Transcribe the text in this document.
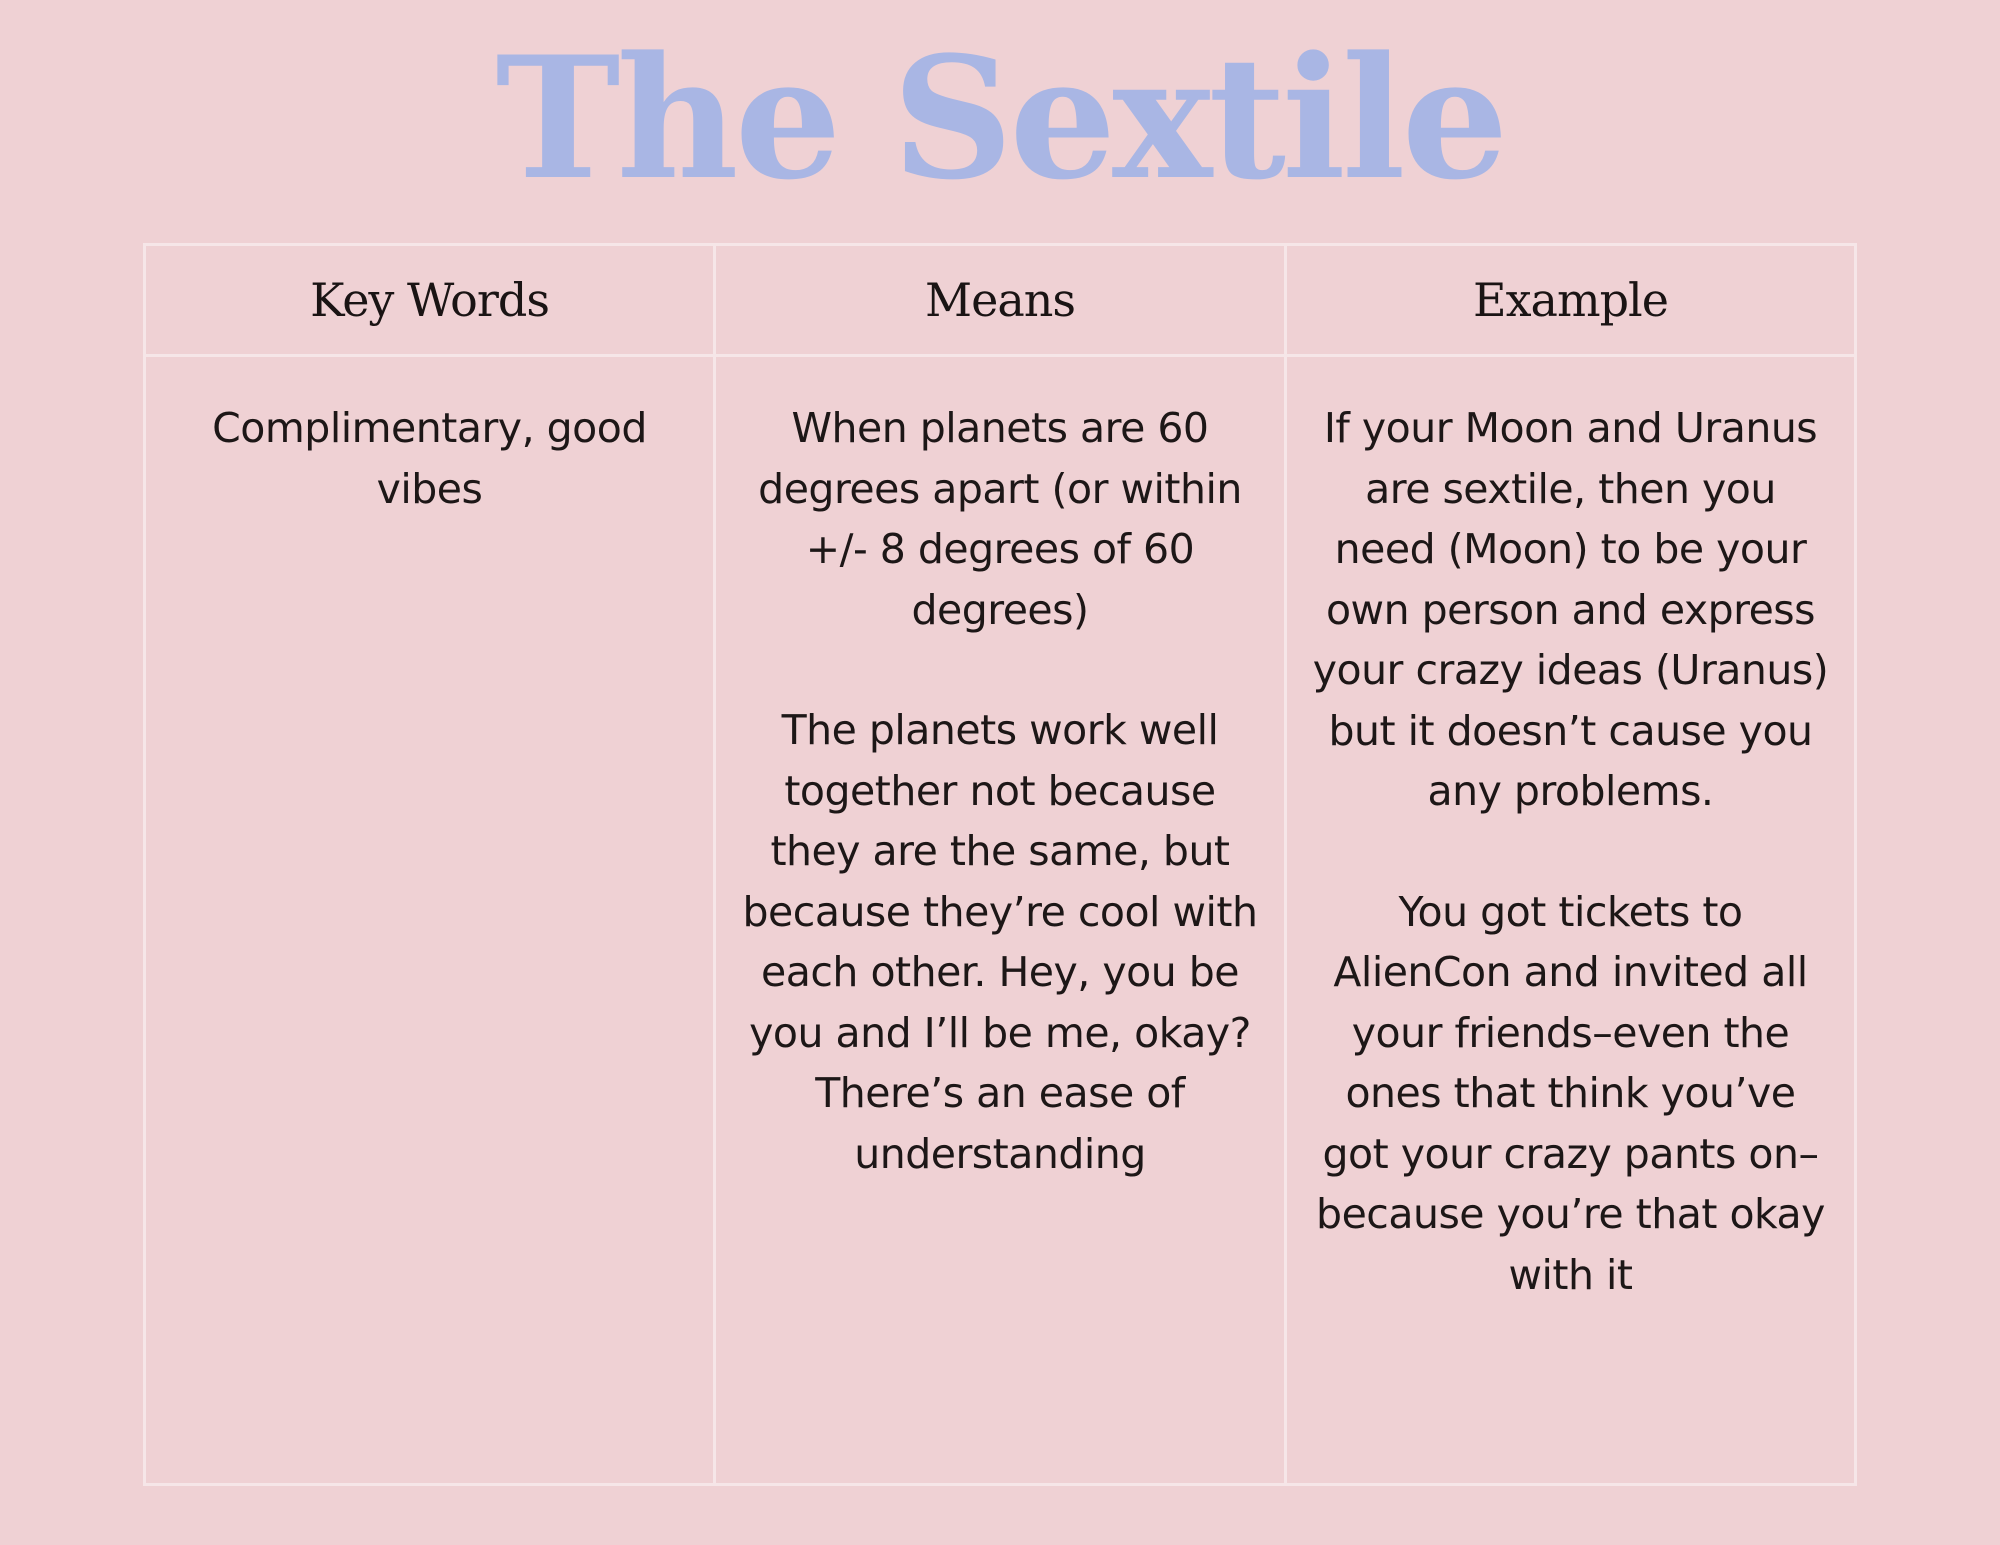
The Sextile
Key Words	Means	Example

Complimentary, good vibes

When planets are 60 degrees apart (or within +/- 8 degrees of 60 degrees)

The planets work well together not because they are the same, but because they’re cool with each other. Hey, you be you and I’ll be me, okay? There’s an ease of understanding

If your Moon and Uranus are sextile, then you need (Moon) to be your own person and express your crazy ideas (Uranus) but it doesn’t cause you any problems.

You got tickets to AlienCon and invited all your friends–even the ones that think you’ve got your crazy pants on–because you’re that okay with it
